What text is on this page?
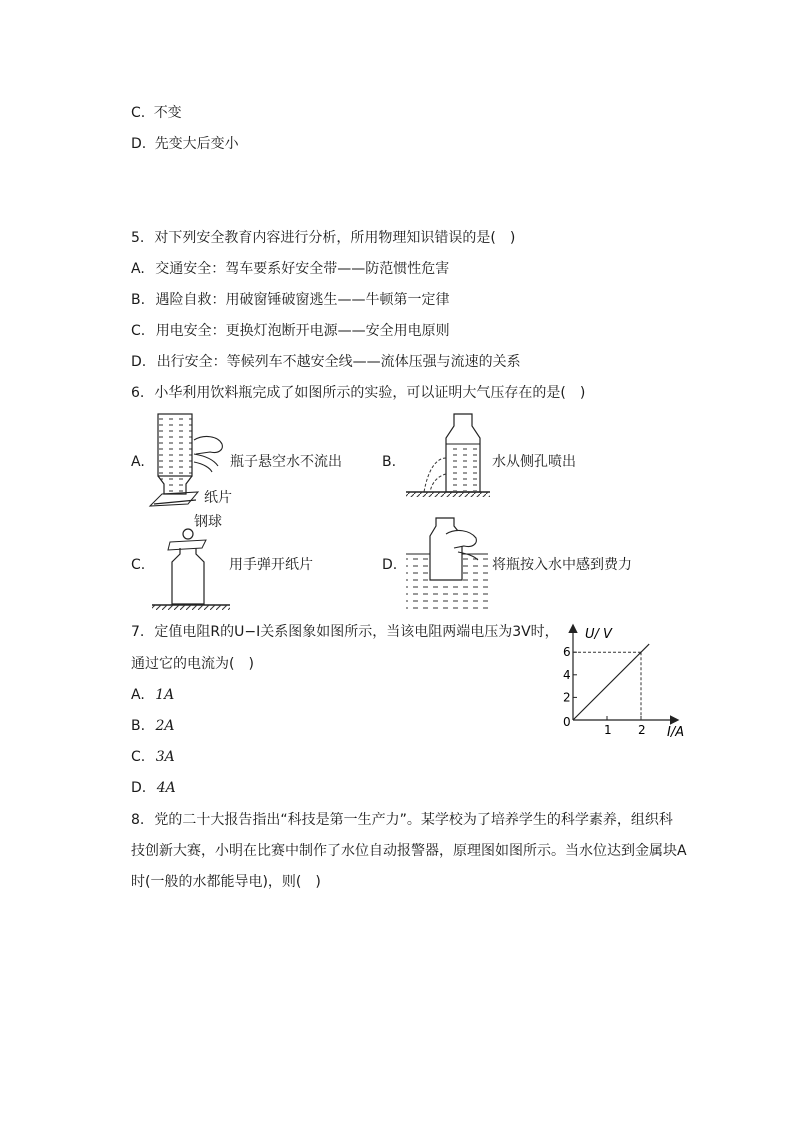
C. 不变
D. 先变大后变小
5. 对下列安全教育内容进行分析，所用物理知识错误的是(　)
A. 交通安全：驾车要系好安全带——防范惯性危害
B. 遇险自救：用破窗锤破窗逃生——牛顿第一定律
C. 用电安全：更换灯泡断开电源——安全用电原则
D. 出行安全：等候列车不越安全线——流体压强与流速的关系
6. 小华利用饮料瓶完成了如图所示的实验，可以证明大气压存在的是(　)
A.	瓶子悬空水不流出
纸片
B.	水从侧孔喷出
C.
钢球
用手弹开纸片	D.	将瓶按入水中感到费力
7. 定值电阻R的U−I关系图象如图所示，当该电阻两端电压为3V时，
通过它的电流为(　)
A. 1A
B. 2A
C. 3A
D. 4A
U/ V
I/A
0
2
4
6
1 2
8. 党的二十大报告指出“科技是第一生产力”。某学校为了培养学生的科学素养，组织科
技创新大赛，小明在比赛中制作了水位自动报警器，原理图如图所示。当水位达到金属块A
时(一般的水都能导电)，则(　)
